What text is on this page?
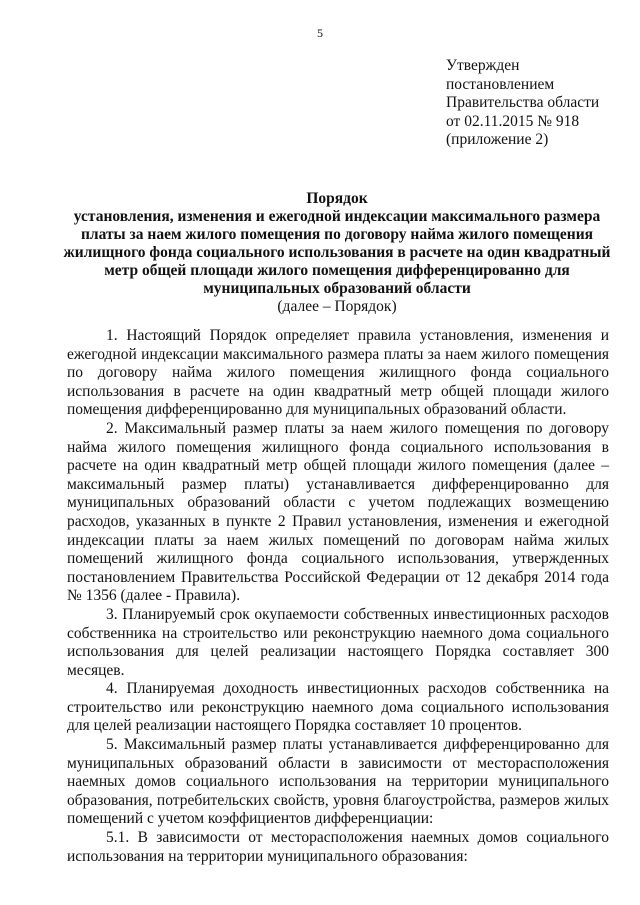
5
Утвержден
постановлением
Правительства области
от 02.11.2015 № 918
(приложение 2)
Порядок
установления, изменения и ежегодной индексации максимального размера
платы за наем жилого помещения по договору найма жилого помещения
жилищного фонда социального использования в расчете на один квадратный
метр общей площади жилого помещения дифференцированно для
муниципальных образований области
(далее – Порядок)

1. Настоящий Порядок определяет правила установления, изменения и ежегодной индексации максимального размера платы за наем жилого помещения по договору найма жилого помещения жилищного фонда социального использования в расчете на один квадратный метр общей площади жилого помещения дифференцированно для муниципальных образований области.

2. Максимальный размер платы за наем жилого помещения по договору найма жилого помещения жилищного фонда социального использования в расчете на один квадратный метр общей площади жилого помещения (далее – максимальный размер платы) устанавливается дифференцированно для муниципальных образований области с учетом подлежащих возмещению расходов, указанных в пункте 2 Правил установления, изменения и ежегодной индексации платы за наем жилых помещений по договорам найма жилых помещений жилищного фонда социального использования, утвержденных постановлением Правительства Российской Федерации от 12 декабря 2014 года № 1356 (далее - Правила).

3. Планируемый срок окупаемости собственных инвестиционных расходов собственника на строительство или реконструкцию наемного дома социального использования для целей реализации настоящего Порядка составляет 300 месяцев.

4. Планируемая доходность инвестиционных расходов собственника на строительство или реконструкцию наемного дома социального использования для целей реализации настоящего Порядка составляет 10 процентов.

5. Максимальный размер платы устанавливается дифференцированно для муниципальных образований области в зависимости от месторасположения наемных домов социального использования на территории муниципального образования, потребительских свойств, уровня благоустройства, размеров жилых помещений с учетом коэффициентов дифференциации:

5.1. В зависимости от месторасположения наемных домов социального использования на территории муниципального образования:
